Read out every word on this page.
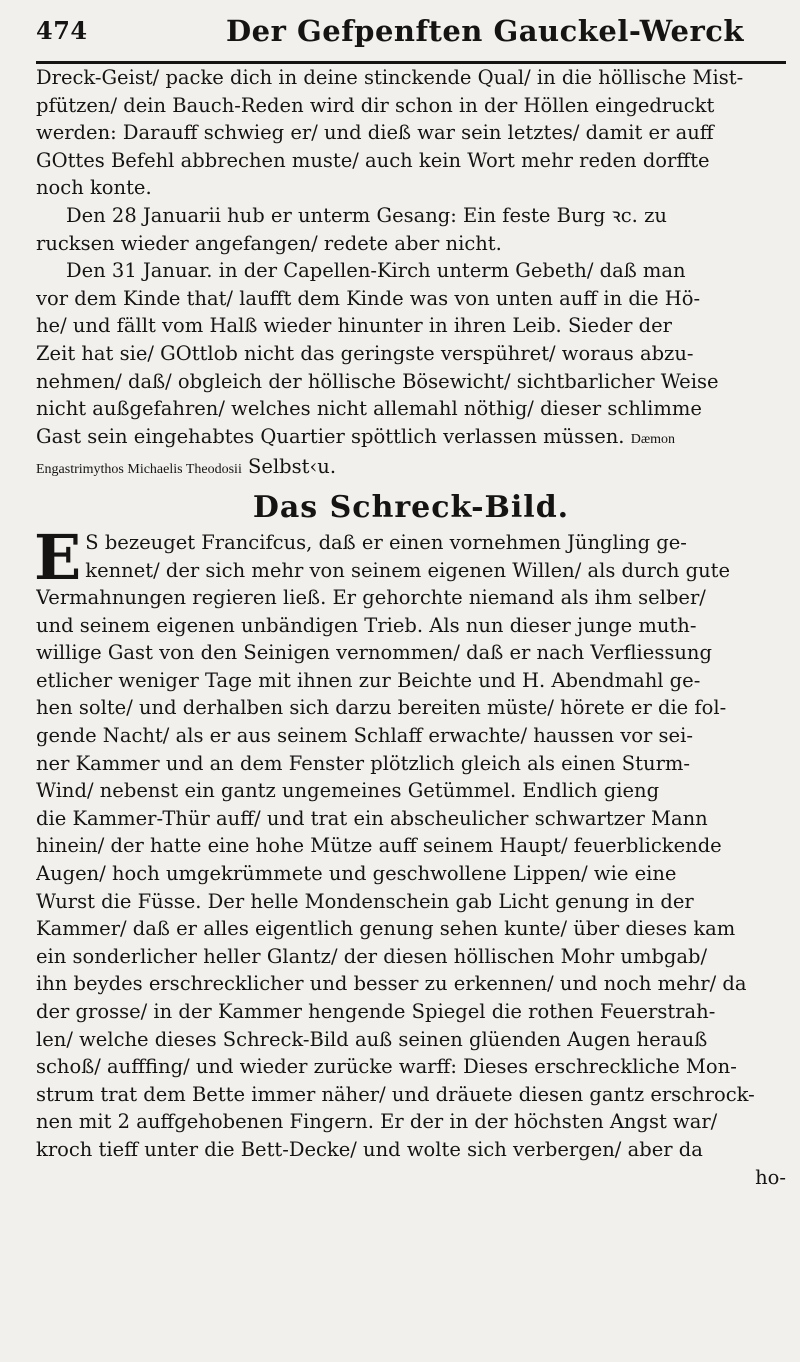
474	Der Gefpenften Gauckel-Werck

Dreck-Geist/ packe dich in deine stinckende Qual/ in die höllische Mist-
pfützen/ dein Bauch-Reden wird dir schon in der Höllen eingedruckt
werden: Darauff schwieg er/ und dieß war sein letztes/ damit er auff
GOttes Befehl abbrechen muste/ auch kein Wort mehr reden dorffte
noch konte.

Den 28 Januarii hub er unterm Gesang: Ein feste Burg ꝛc. zu
rucksen wieder angefangen/ redete aber nicht.

Den 31 Januar. in der Capellen-Kirch unterm Gebeth/ daß man
vor dem Kinde that/ laufft dem Kinde was von unten auff in die Hö-
he/ und fällt vom Halß wieder hinunter in ihren Leib. Sieder der
Zeit hat sie/ GOttlob nicht das geringste verspühret/ woraus abzu-
nehmen/ daß/ obgleich der höllische Bösewicht/ sichtbarlicher Weise
nicht außgefahren/ welches nicht allemahl nöthig/ dieser schlimme
Gast sein eingehabtes Quartier spöttlich verlassen müssen. Dæmon
Engastrimythos Michaelis Theodosii Selbst‹u.

Das Schreck-Bild.

E S bezeuget Francifcus, daß er einen vornehmen Jüngling ge-
kennet/ der sich mehr von seinem eigenen Willen/ als durch gute
Vermahnungen regieren ließ. Er gehorchte niemand als ihm selber/
und seinem eigenen unbändigen Trieb. Als nun dieser junge muth-
willige Gast von den Seinigen vernommen/ daß er nach Verfliessung
etlicher weniger Tage mit ihnen zur Beichte und H. Abendmahl ge-
hen solte/ und derhalben sich darzu bereiten müste/ hörete er die fol-
gende Nacht/ als er aus seinem Schlaff erwachte/ haussen vor sei-
ner Kammer und an dem Fenster plötzlich gleich als einen Sturm-
Wind/ nebenst ein gantz ungemeines Getümmel. Endlich gieng
die Kammer-Thür auff/ und trat ein abscheulicher schwartzer Mann
hinein/ der hatte eine hohe Mütze auff seinem Haupt/ feuerblickende
Augen/ hoch umgekrümmete und geschwollene Lippen/ wie eine
Wurst die Füsse. Der helle Mondenschein gab Licht genung in der
Kammer/ daß er alles eigentlich genung sehen kunte/ über dieses kam
ein sonderlicher heller Glantz/ der diesen höllischen Mohr umbgab/
ihn beydes erschrecklicher und besser zu erkennen/ und noch mehr/ da
der grosse/ in der Kammer hengende Spiegel die rothen Feuerstrah-
len/ welche dieses Schreck-Bild auß seinen glüenden Augen herauß
schoß/ aufffing/ und wieder zurücke warff: Dieses erschreckliche Mon-
strum trat dem Bette immer näher/ und dräuete diesen gantz erschrock-
nen mit 2 auffgehobenen Fingern. Er der in der höchsten Angst war/
kroch tieff unter die Bett-Decke/ und wolte sich verbergen/ aber da
ho-
